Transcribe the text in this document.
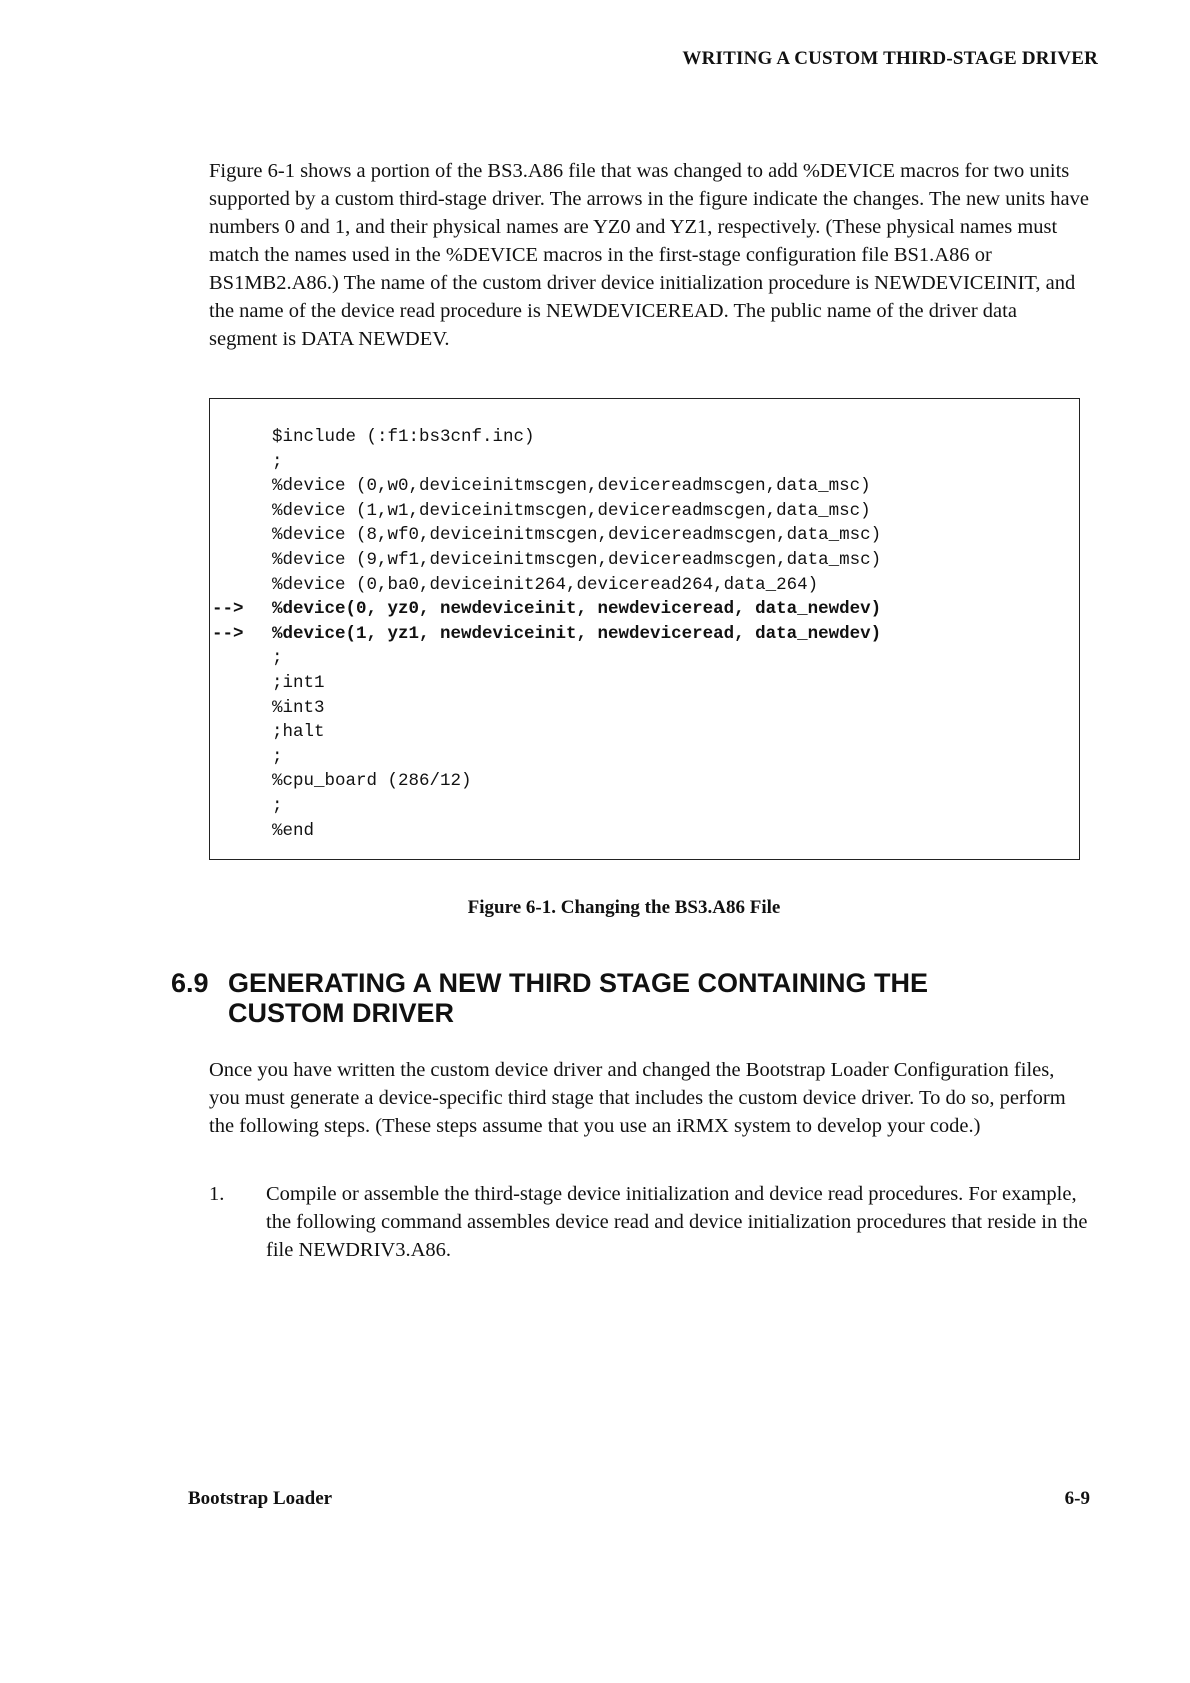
WRITING A CUSTOM THIRD-STAGE DRIVER
Figure 6-1 shows a portion of the BS3.A86 file that was changed to add %DEVICE macros for two units supported by a custom third-stage driver. The arrows in the figure indicate the changes. The new units have numbers 0 and 1, and their physical names are YZ0 and YZ1, respectively. (These physical names must match the names used in the %DEVICE macros in the first-stage configuration file BS1.A86 or BS1MB2.A86.) The name of the custom driver device initialization procedure is NEWDEVICEINIT, and the name of the device read procedure is NEWDEVICEREAD. The public name of the driver data segment is DATA NEWDEV.
$include (:f1:bs3cnf.inc)
;
%device (0,w0,deviceinitmscgen,devicereadmscgen,data_msc)
%device (1,w1,deviceinitmscgen,devicereadmscgen,data_msc)
%device (8,wf0,deviceinitmscgen,devicereadmscgen,data_msc)
%device (9,wf1,deviceinitmscgen,devicereadmscgen,data_msc)
%device (0,ba0,deviceinit264,deviceread264,data_264)
--> %device(0, yz0, newdeviceinit, newdeviceread, data_newdev)
--> %device(1, yz1, newdeviceinit, newdeviceread, data_newdev)
;
;int1
%int3
;halt
;
%cpu_board (286/12)
;
%end
Figure 6-1. Changing the BS3.A86 File
6.9 GENERATING A NEW THIRD STAGE CONTAINING THE
CUSTOM DRIVER
Once you have written the custom device driver and changed the Bootstrap Loader Configuration files, you must generate a device-specific third stage that includes the custom device driver. To do so, perform the following steps. (These steps assume that you use an iRMX system to develop your code.)
1. Compile or assemble the third-stage device initialization and device read procedures. For example, the following command assembles device read and device initialization procedures that reside in the file NEWDRIV3.A86.
Bootstrap Loader	6-9
